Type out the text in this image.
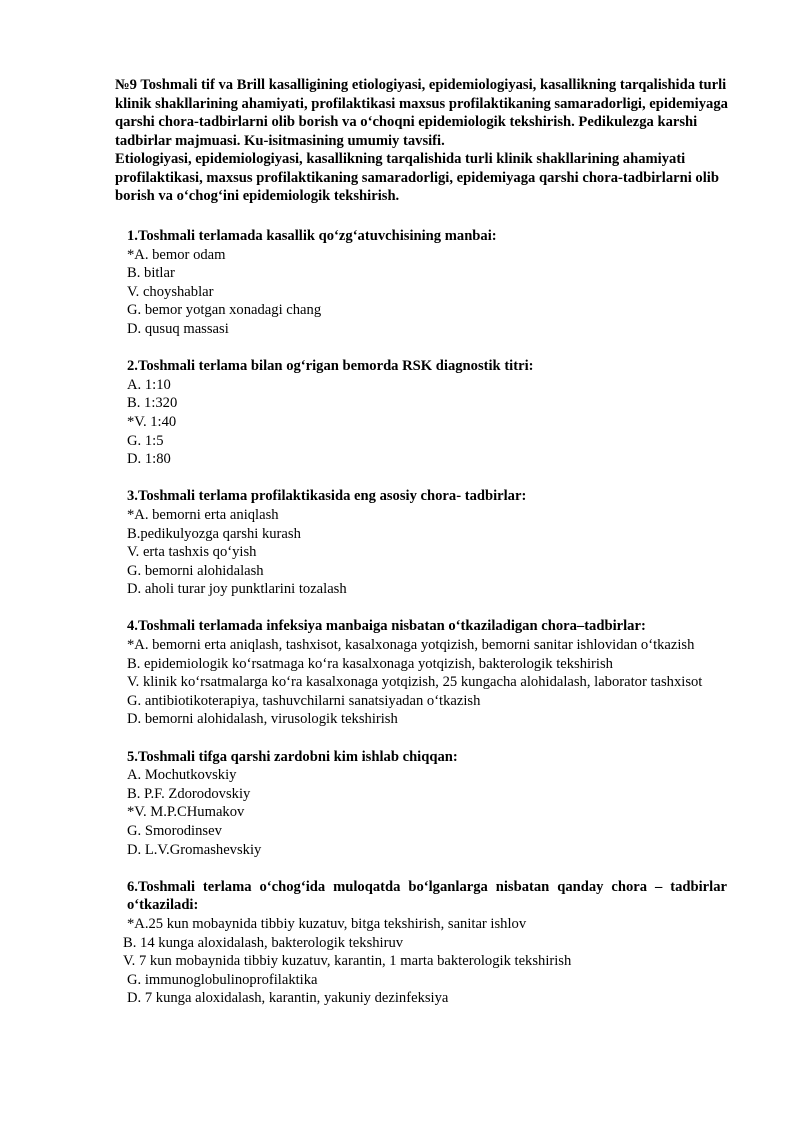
№9 Toshmali tif va Brill kasalligining etiologiyasi, epidemiologiyasi, kasallikning tarqalishida turli klinik shakllarining ahamiyati, profilaktikasi maxsus profilaktikaning samaradorligi, epidemiyaga qarshi chora-tadbirlarni olib borish va o‘choqni epidemiologik tekshirish. Pedikulezga karshi tadbirlar majmuasi. Ku-isitmasining umumiy tavsifi.

Etiologiyasi, epidemiologiyasi, kasallikning tarqalishida turli klinik shakllarining ahamiyati profilaktikasi, maxsus profilaktikaning samaradorligi, epidemiyaga qarshi chora-tadbirlarni olib borish va o‘chog‘ini epidemiologik tekshirish.

1.Toshmali terlamada kasallik qo‘zg‘atuvchisining manbai:

*A. bemor odam

B. bitlar

V. choyshablar

G. bemor yotgan xonadagi chang

D. qusuq massasi

2.Toshmali terlama bilan og‘rigan bemorda RSK diagnostik titri:

A. 1:10

B. 1:320

*V. 1:40

G. 1:5

D. 1:80

3.Toshmali terlama profilaktikasida eng asosiy chora- tadbirlar:

*A. bemorni erta aniqlash

B.pedikulyozga qarshi kurash

V. erta tashxis qo‘yish

G. bemorni alohidalash

D. aholi turar joy punktlarini tozalash

4.Toshmali terlamada infeksiya manbaiga nisbatan o‘tkaziladigan chora–tadbirlar:

*A. bemorni erta aniqlash, tashxisot, kasalxonaga yotqizish, bemorni sanitar ishlovidan o‘tkazish

B. epidemiologik ko‘rsatmaga ko‘ra kasalxonaga yotqizish, bakterologik tekshirish

V. klinik ko‘rsatmalarga ko‘ra kasalxonaga yotqizish, 25 kungacha alohidalash, laborator tashxisot

G. antibiotikoterapiya, tashuvchilarni sanatsiyadan o‘tkazish

D. bemorni alohidalash, virusologik tekshirish

5.Toshmali tifga qarshi zardobni kim ishlab chiqqan:

A. Mochutkovskiy

B. P.F. Zdorodovskiy

*V. M.P.CHumakov

G. Smorodinsev

D. L.V.Gromashevskiy

6.Toshmali terlama o‘chog‘ida muloqatda bo‘lganlarga nisbatan qanday chora – tadbirlar o‘tkaziladi:

*A.25 kun mobaynida tibbiy kuzatuv, bitga tekshirish, sanitar ishlov

B. 14 kunga aloxidalash, bakterologik tekshiruv

V. 7 kun mobaynida tibbiy kuzatuv, karantin, 1 marta bakterologik tekshirish

G. immunoglobulinoprofilaktika

D. 7 kunga aloxidalash, karantin, yakuniy dezinfeksiya
